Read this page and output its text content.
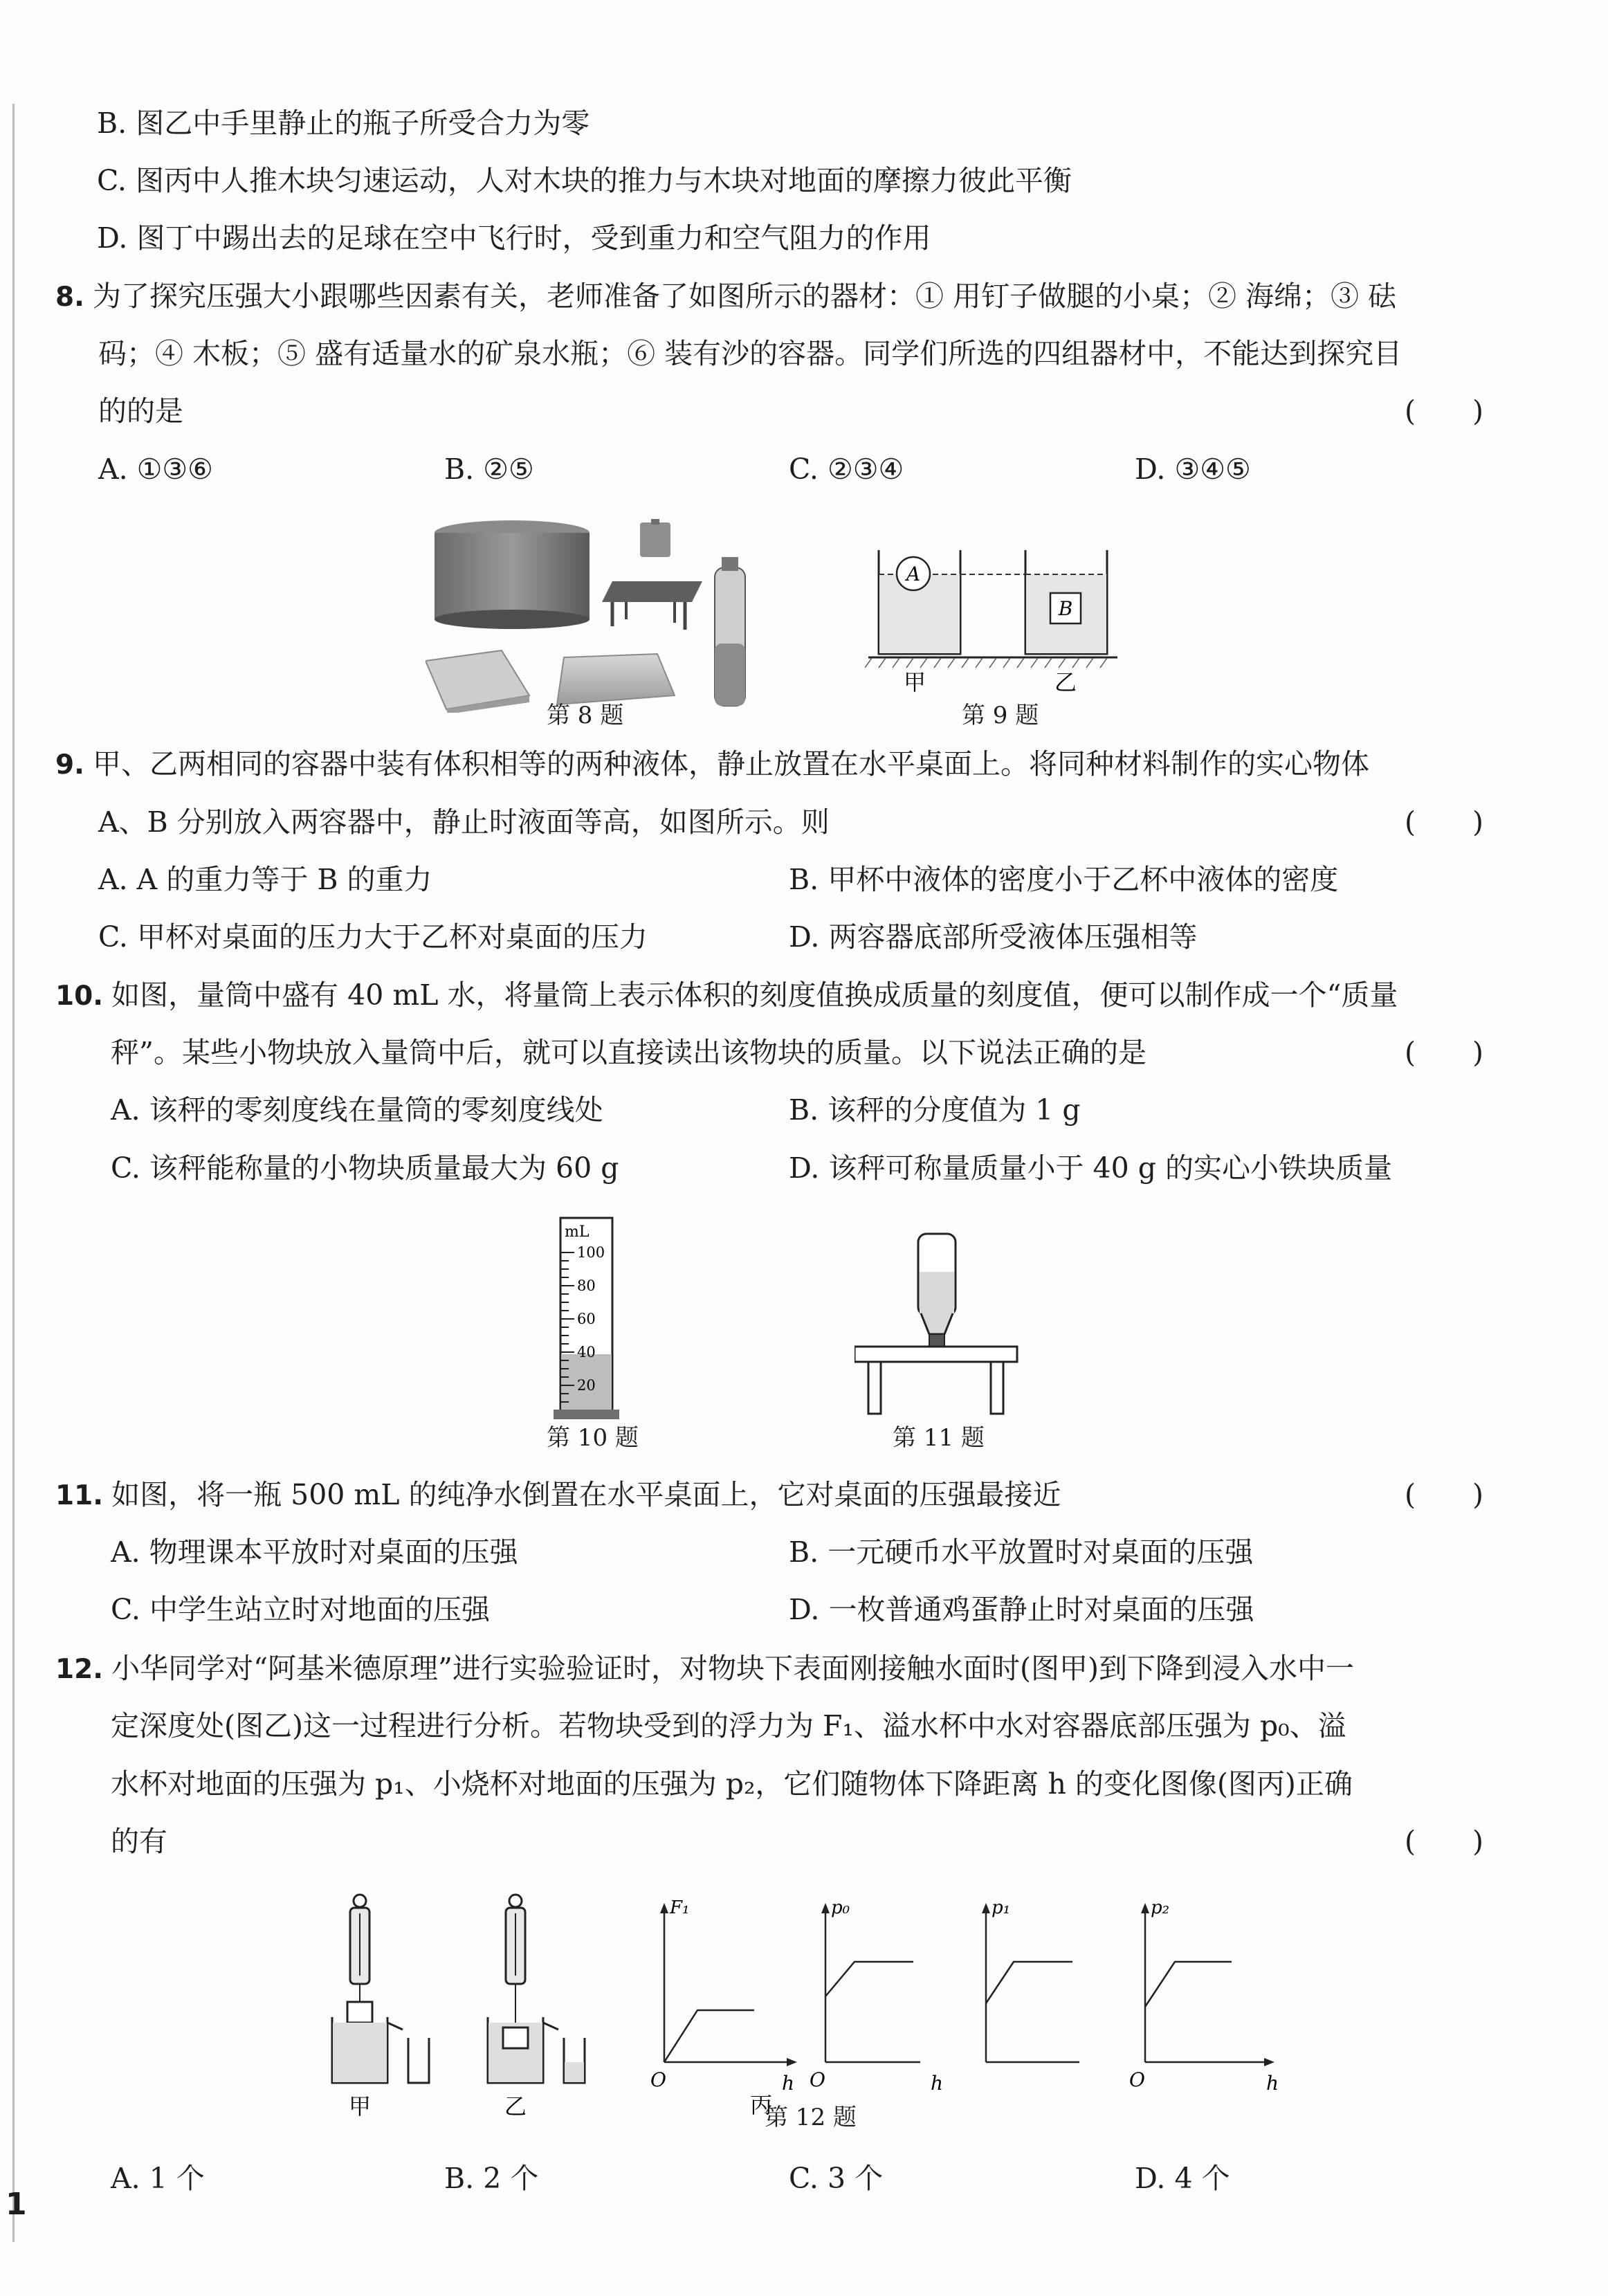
B. 图乙中手里静止的瓶子所受合力为零
C. 图丙中人推木块匀速运动，人对木块的推力与木块对地面的摩擦力彼此平衡
D. 图丁中踢出去的足球在空中飞行时，受到重力和空气阻力的作用
8. 为了探究压强大小跟哪些因素有关，老师准备了如图所示的器材：① 用钉子做腿的小桌；② 海绵；③ 砝
码；④ 木板；⑤ 盛有适量水的矿泉水瓶；⑥ 装有沙的容器。同学们所选的四组器材中，不能达到探究目
的的是	(　　)
A. ①③⑥	B. ②⑤	C. ②③④	D. ③④⑤
第 8 题
A
B
甲	乙
第 9 题
9. 甲、乙两相同的容器中装有体积相等的两种液体，静止放置在水平桌面上。将同种材料制作的实心物体
A、B 分别放入两容器中，静止时液面等高，如图所示。则	(　　)
A. A 的重力等于 B 的重力	B. 甲杯中液体的密度小于乙杯中液体的密度
C. 甲杯对桌面的压力大于乙杯对桌面的压力	D. 两容器底部所受液体压强相等
10. 如图，量筒中盛有 40 mL 水，将量筒上表示体积的刻度值换成质量的刻度值，便可以制作成一个“质量
秤”。某些小物块放入量筒中后，就可以直接读出该物块的质量。以下说法正确的是	(　　)
A. 该秤的零刻度线在量筒的零刻度线处	B. 该秤的分度值为 1 g
C. 该秤能称量的小物块质量最大为 60 g	D. 该秤可称量质量小于 40 g 的实心小铁块质量
mL
100
80
60
40
20
第 10 题	第 11 题
11. 如图，将一瓶 500 mL 的纯净水倒置在水平桌面上，它对桌面的压强最接近	(　　)
A. 物理课本平放时对桌面的压强	B. 一元硬币水平放置时对桌面的压强
C. 中学生站立时对地面的压强	D. 一枚普通鸡蛋静止时对桌面的压强
12. 小华同学对“阿基米德原理”进行实验验证时，对物块下表面刚接触水面时(图甲)到下降到浸入水中一
定深度处(图乙)这一过程进行分析。若物块受到的浮力为 F₁、溢水杯中水对容器底部压强为 p₀、溢
水杯对地面的压强为 p₁、小烧杯对地面的压强为 p₂，它们随物体下降距离 h 的变化图像(图丙)正确
的有	(　　)
甲	乙
F₁
O	h
p₀
O
丙
p₁
h
p₂
O	h
第 12 题
A. 1 个	B. 2 个	C. 3 个	D. 4 个
1
